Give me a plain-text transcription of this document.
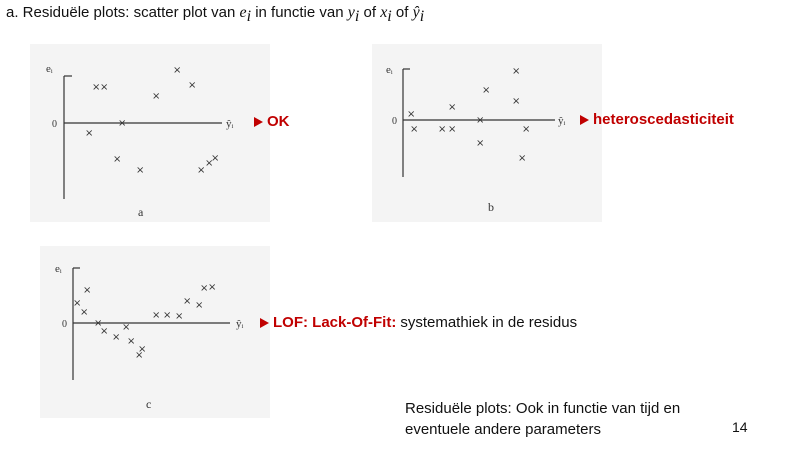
a. Residuële plots: scatter plot van $e_i$ in functie van $y_i$ of $x_i$ of $ŷ_i$
eᵢ
0	ŷᵢ
a
× ×
×
×
×
×
×
×
×	×
×
×
OK
eᵢ
0	ŷᵢ
b
×
×
×
×
×
×
× × ×	×
×
×
heteroscedasticiteit
eᵢ
0	ŷᵢ
c
×
×
×
×
× ×
× ×
×
×
× × ×
× ×
× ×
LOF: Lack-Of-Fit: systemathiek in de residus
Residuële plots: Ook in functie van tijd en
eventuele andere parameters	14
